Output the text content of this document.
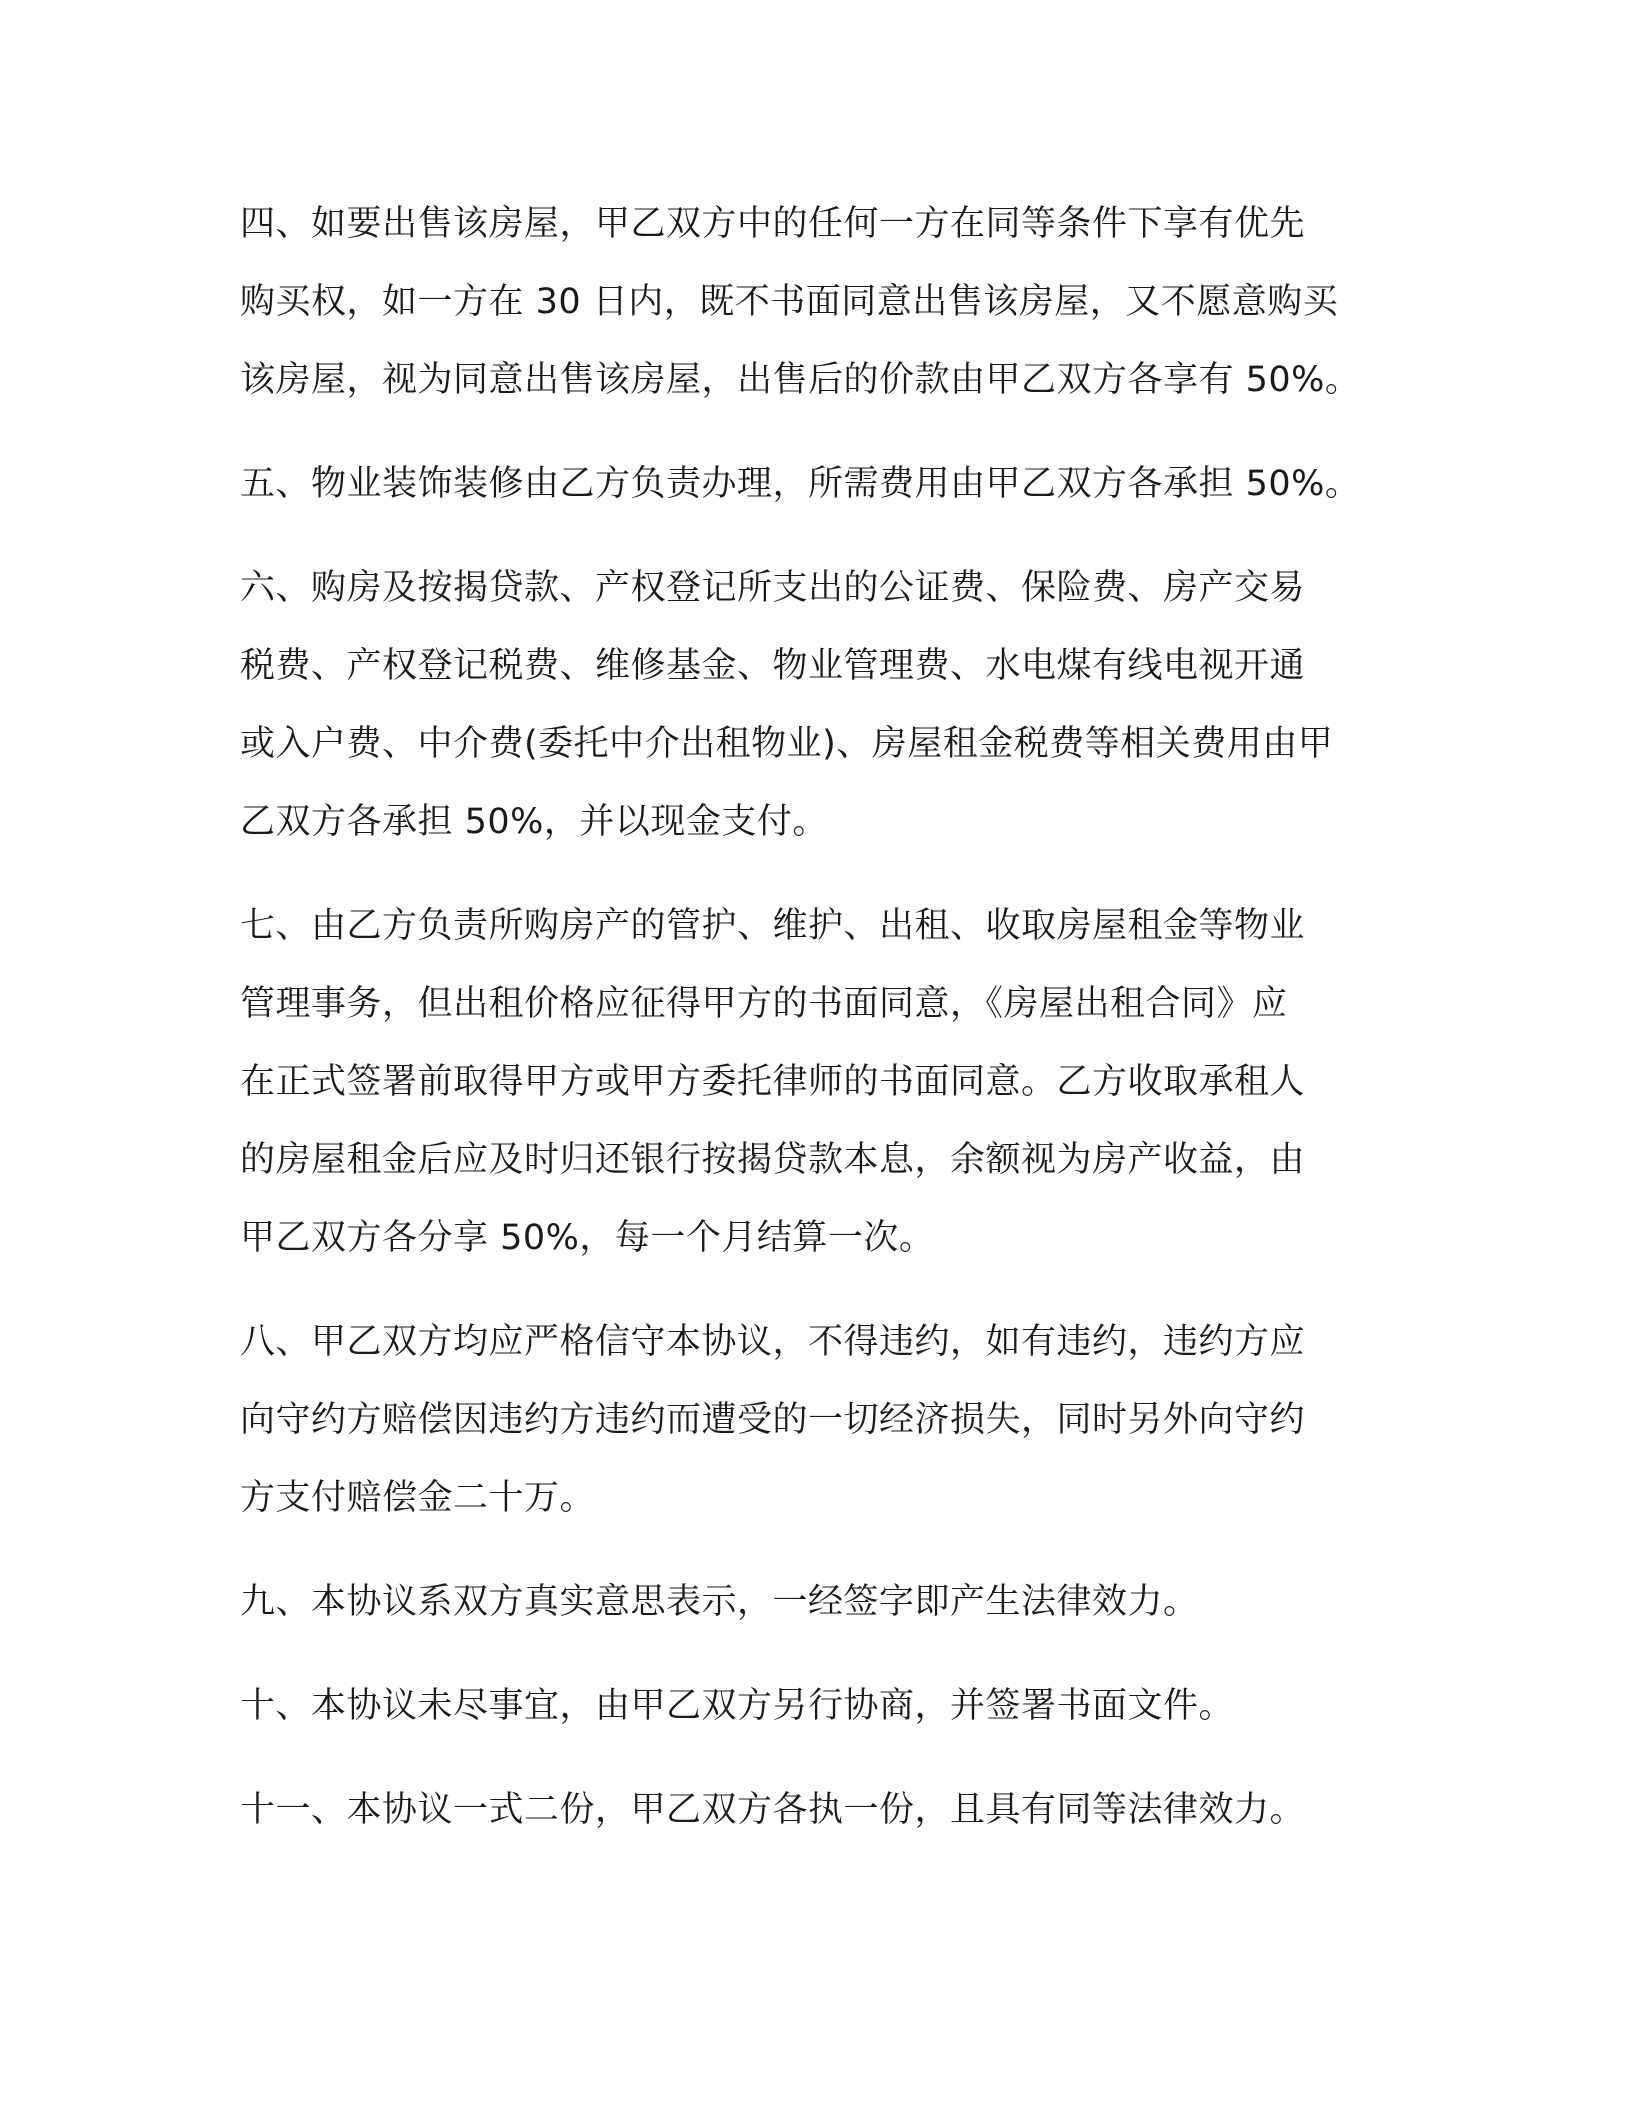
四、如要出售该房屋，甲乙双方中的任何一方在同等条件下享有优先
购买权，如一方在 30 日内，既不书面同意出售该房屋，又不愿意购买
该房屋，视为同意出售该房屋，出售后的价款由甲乙双方各享有 50%。
五、物业装饰装修由乙方负责办理，所需费用由甲乙双方各承担 50%。
六、购房及按揭贷款、产权登记所支出的公证费、保险费、房产交易
税费、产权登记税费、维修基金、物业管理费、水电煤有线电视开通
或入户费、中介费(委托中介出租物业)、房屋租金税费等相关费用由甲
乙双方各承担 50%，并以现金支付。
七、由乙方负责所购房产的管护、维护、出租、收取房屋租金等物业
管理事务，但出租价格应征得甲方的书面同意，《房屋出租合同》应
在正式签署前取得甲方或甲方委托律师的书面同意。乙方收取承租人
的房屋租金后应及时归还银行按揭贷款本息，余额视为房产收益，由
甲乙双方各分享 50%，每一个月结算一次。
八、甲乙双方均应严格信守本协议，不得违约，如有违约，违约方应
向守约方赔偿因违约方违约而遭受的一切经济损失，同时另外向守约
方支付赔偿金二十万。
九、本协议系双方真实意思表示，一经签字即产生法律效力。
十、本协议未尽事宜，由甲乙双方另行协商，并签署书面文件。
十一、本协议一式二份，甲乙双方各执一份，且具有同等法律效力。
